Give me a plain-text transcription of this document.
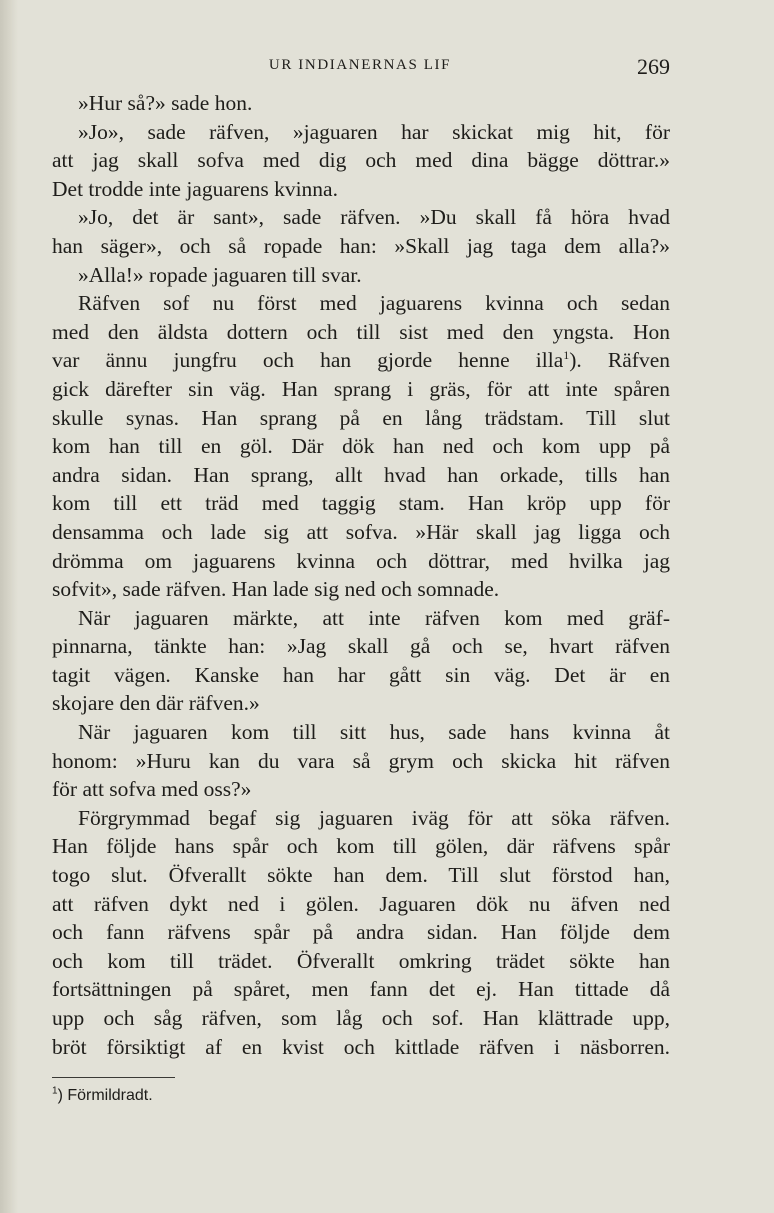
UR INDIANERNAS LIF	269
»Hur så?» sade hon.
»Jo», sade räfven, »jaguaren har skickat mig hit, för
att jag skall sofva med dig och med dina bägge döttrar.»
Det trodde inte jaguarens kvinna.
»Jo, det är sant», sade räfven. »Du skall få höra hvad
han säger», och så ropade han: »Skall jag taga dem alla?»
»Alla!» ropade jaguaren till svar.
Räfven sof nu först med jaguarens kvinna och sedan
med den äldsta dottern och till sist med den yngsta. Hon
var ännu jungfru och han gjorde henne illa$^1$). Räfven
gick därefter sin väg. Han sprang i gräs, för att inte spåren
skulle synas. Han sprang på en lång trädstam. Till slut
kom han till en göl. Där dök han ned och kom upp på
andra sidan. Han sprang, allt hvad han orkade, tills han
kom till ett träd med taggig stam. Han kröp upp för
densamma och lade sig att sofva. »Här skall jag ligga och
drömma om jaguarens kvinna och döttrar, med hvilka jag
sofvit», sade räfven. Han lade sig ned och somnade.
När jaguaren märkte, att inte räfven kom med gräf-
pinnarna, tänkte han: »Jag skall gå och se, hvart räfven
tagit vägen. Kanske han har gått sin väg. Det är en
skojare den där räfven.»
När jaguaren kom till sitt hus, sade hans kvinna åt
honom: »Huru kan du vara så grym och skicka hit räfven
för att sofva med oss?»
Förgrymmad begaf sig jaguaren iväg för att söka räfven.
Han följde hans spår och kom till gölen, där räfvens spår
togo slut. Öfverallt sökte han dem. Till slut förstod han,
att räfven dykt ned i gölen. Jaguaren dök nu äfven ned
och fann räfvens spår på andra sidan. Han följde dem
och kom till trädet. Öfverallt omkring trädet sökte han
fortsättningen på spåret, men fann det ej. Han tittade då
upp och såg räfven, som låg och sof. Han klättrade upp,
bröt försiktigt af en kvist och kittlade räfven i näsborren.
$^1$) Förmildradt.
